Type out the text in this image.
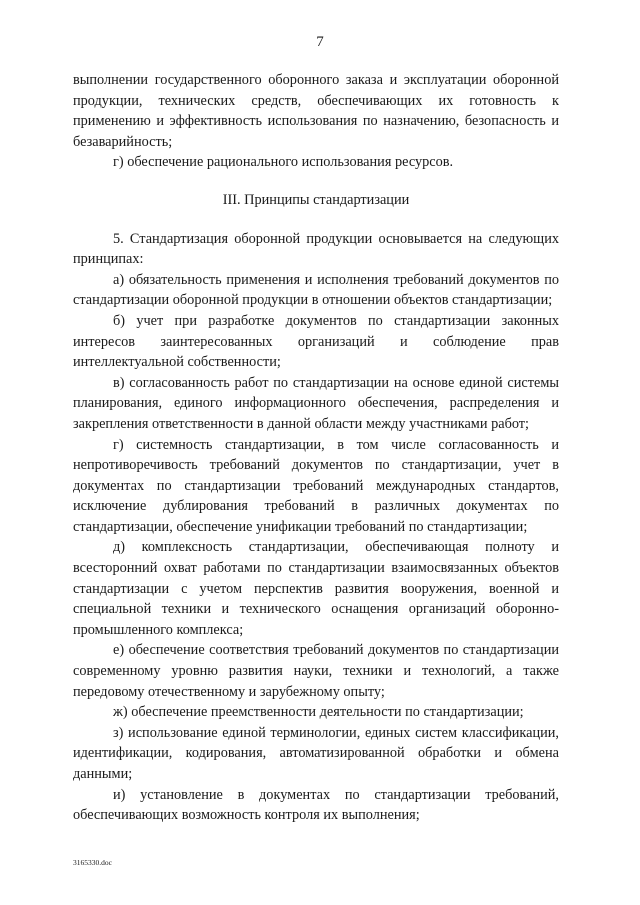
7

выполнении государственного оборонного заказа и эксплуатации оборонной продукции, технических средств, обеспечивающих их готовность к применению и эффективность использования по назначению, безопасность и безаварийность;

г) обеспечение рационального использования ресурсов.

III. Принципы стандартизации

5. Стандартизация оборонной продукции основывается на следующих принципах:

а) обязательность применения и исполнения требований документов по стандартизации оборонной продукции в отношении объектов стандартизации;

б) учет при разработке документов по стандартизации законных интересов заинтересованных организаций и соблюдение прав интеллектуальной собственности;

в) согласованность работ по стандартизации на основе единой системы планирования, единого информационного обеспечения, распределения и закрепления ответственности в данной области между участниками работ;

г) системность стандартизации, в том числе согласованность и непротиворечивость требований документов по стандартизации, учет в документах по стандартизации требований международных стандартов, исключение дублирования требований в различных документах по стандартизации, обеспечение унификации требований по стандартизации;

д) комплексность стандартизации, обеспечивающая полноту и всесторонний охват работами по стандартизации взаимосвязанных объектов стандартизации с учетом перспектив развития вооружения, военной и специальной техники и технического оснащения организаций оборонно-промышленного комплекса;

е) обеспечение соответствия требований документов по стандартизации современному уровню развития науки, техники и технологий, а также передовому отечественному и зарубежному опыту;

ж) обеспечение преемственности деятельности по стандартизации;

з) использование единой терминологии, единых систем классификации, идентификации, кодирования, автоматизированной обработки и обмена данными;

и) установление в документах по стандартизации требований, обеспечивающих возможность контроля их выполнения;

3165330.doc
